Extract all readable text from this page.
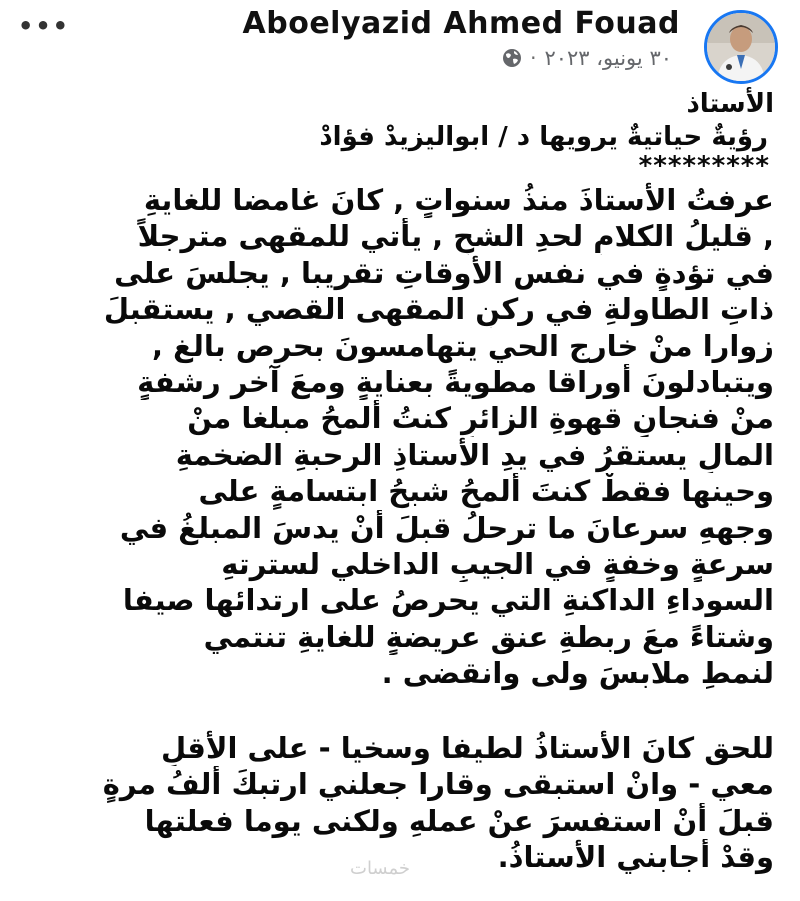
•••	Aboelyazid Ahmed Fouad
· ٣٠ يونيو، ٢٠٢٣
الأستاذ
رؤيةٌ حياتيةٌ يرويها د / ابواليزيدْ فؤادْ
*********
عرفتُ الأستاذَ منذُ سنواتٍ , كانَ غامضا للغايةِ
, قليلُ الكلامِ لحدِ الشحِ , يأتي للمقهى مترجلاً
في تؤدةٍ في نفسِ الأوقاتِ تقريبا , يجلسَ على
ذاتِ الطاولةِ في ركنِ المقهى القصي , يستقبلَ
زوارا منْ خارجِ الحي يتهامسونَ بحرصٍ بالغٍ ,
ويتبادلونَ أوراقا مطويةً بعنايةٍ ومعَ آخر رشفةٍ
منْ فنجانِ قهوةِ الزائرِ كنتُ ألمحُ مبلغا منْ
المالِ يستقرُ في يدِ الأستاذِ الرحبةِ الضخمةِ
وحينها فقطْ كنتَ ألمحُ شبحُ ابتسامةٍ على
وجههِ سرعانَ ما ترحلُ قبلَ أنْ يدسَ المبلغُ في
سرعةٍ وخفةٍ في الجيبِ الداخلي لسترتهِ
السوداءِ الداكنةِ التي يحرصُ على ارتدائها صيفا
وشتاءً معَ ربطةِ عنقٍ عريضةٍ للغايةِ تنتمي
لنمطِ ملابسَ ولى وانقضى .
للحقِ كانَ الأستاذُ لطيفا وسخيا - على الأقلِ
معي - وانْ استبقى وقارا جعلني ارتبكَ ألفُ مرةٍ
قبلَ أنْ استفسرَ عنْ عملهِ ولكنى يوما فعلتها
وقدْ أجابني الأستاذُ.
خمسات
